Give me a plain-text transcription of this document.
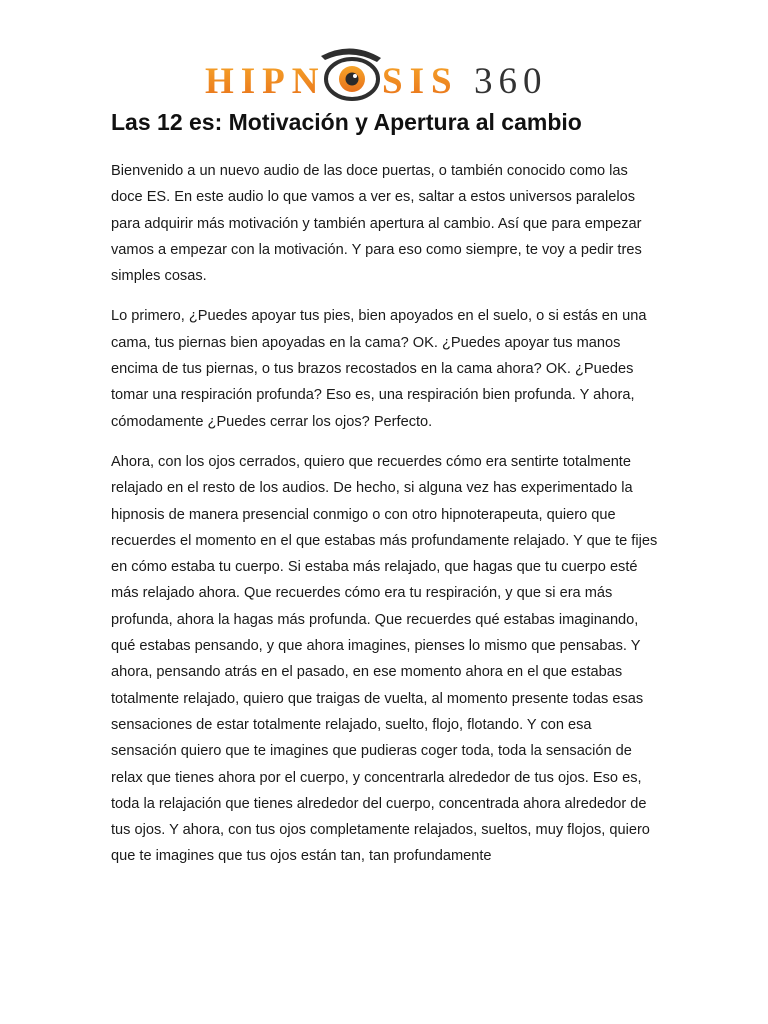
HIPN SIS 360
Las 12 es: Motivación y Apertura al cambio

Bienvenido a un nuevo audio de las doce puertas, o también conocido como las doce ES. En este audio lo que vamos a ver es, saltar a estos universos paralelos para adquirir más motivación y también apertura al cambio. Así que para empezar vamos a empezar con la motivación. Y para eso como siempre, te voy a pedir tres simples cosas.

Lo primero, ¿Puedes apoyar tus pies, bien apoyados en el suelo, o si estás en una cama, tus piernas bien apoyadas en la cama? OK. ¿Puedes apoyar tus manos encima de tus piernas, o tus brazos recostados en la cama ahora? OK. ¿Puedes tomar una respiración profunda? Eso es, una respiración bien profunda. Y ahora, cómodamente ¿Puedes cerrar los ojos? Perfecto.

Ahora, con los ojos cerrados, quiero que recuerdes cómo era sentirte totalmente relajado en el resto de los audios. De hecho, si alguna vez has experimentado la hipnosis de manera presencial conmigo o con otro hipnoterapeuta, quiero que recuerdes el momento en el que estabas más profundamente relajado. Y que te fijes en cómo estaba tu cuerpo. Si estaba más relajado, que hagas que tu cuerpo esté más relajado ahora. Que recuerdes cómo era tu respiración, y que si era más profunda, ahora la hagas más profunda. Que recuerdes qué estabas imaginando, qué estabas pensando, y que ahora imagines, pienses lo mismo que pensabas. Y ahora, pensando atrás en el pasado, en ese momento ahora en el que estabas totalmente relajado, quiero que traigas de vuelta, al momento presente todas esas sensaciones de estar totalmente relajado, suelto, flojo, flotando. Y con esa sensación quiero que te imagines que pudieras coger toda, toda la sensación de relax que tienes ahora por el cuerpo, y concentrarla alrededor de tus ojos. Eso es, toda la relajación que tienes alrededor del cuerpo, concentrada ahora alrededor de tus ojos. Y ahora, con tus ojos completamente relajados, sueltos, muy flojos, quiero que te imagines que tus ojos están tan, tan profundamente
